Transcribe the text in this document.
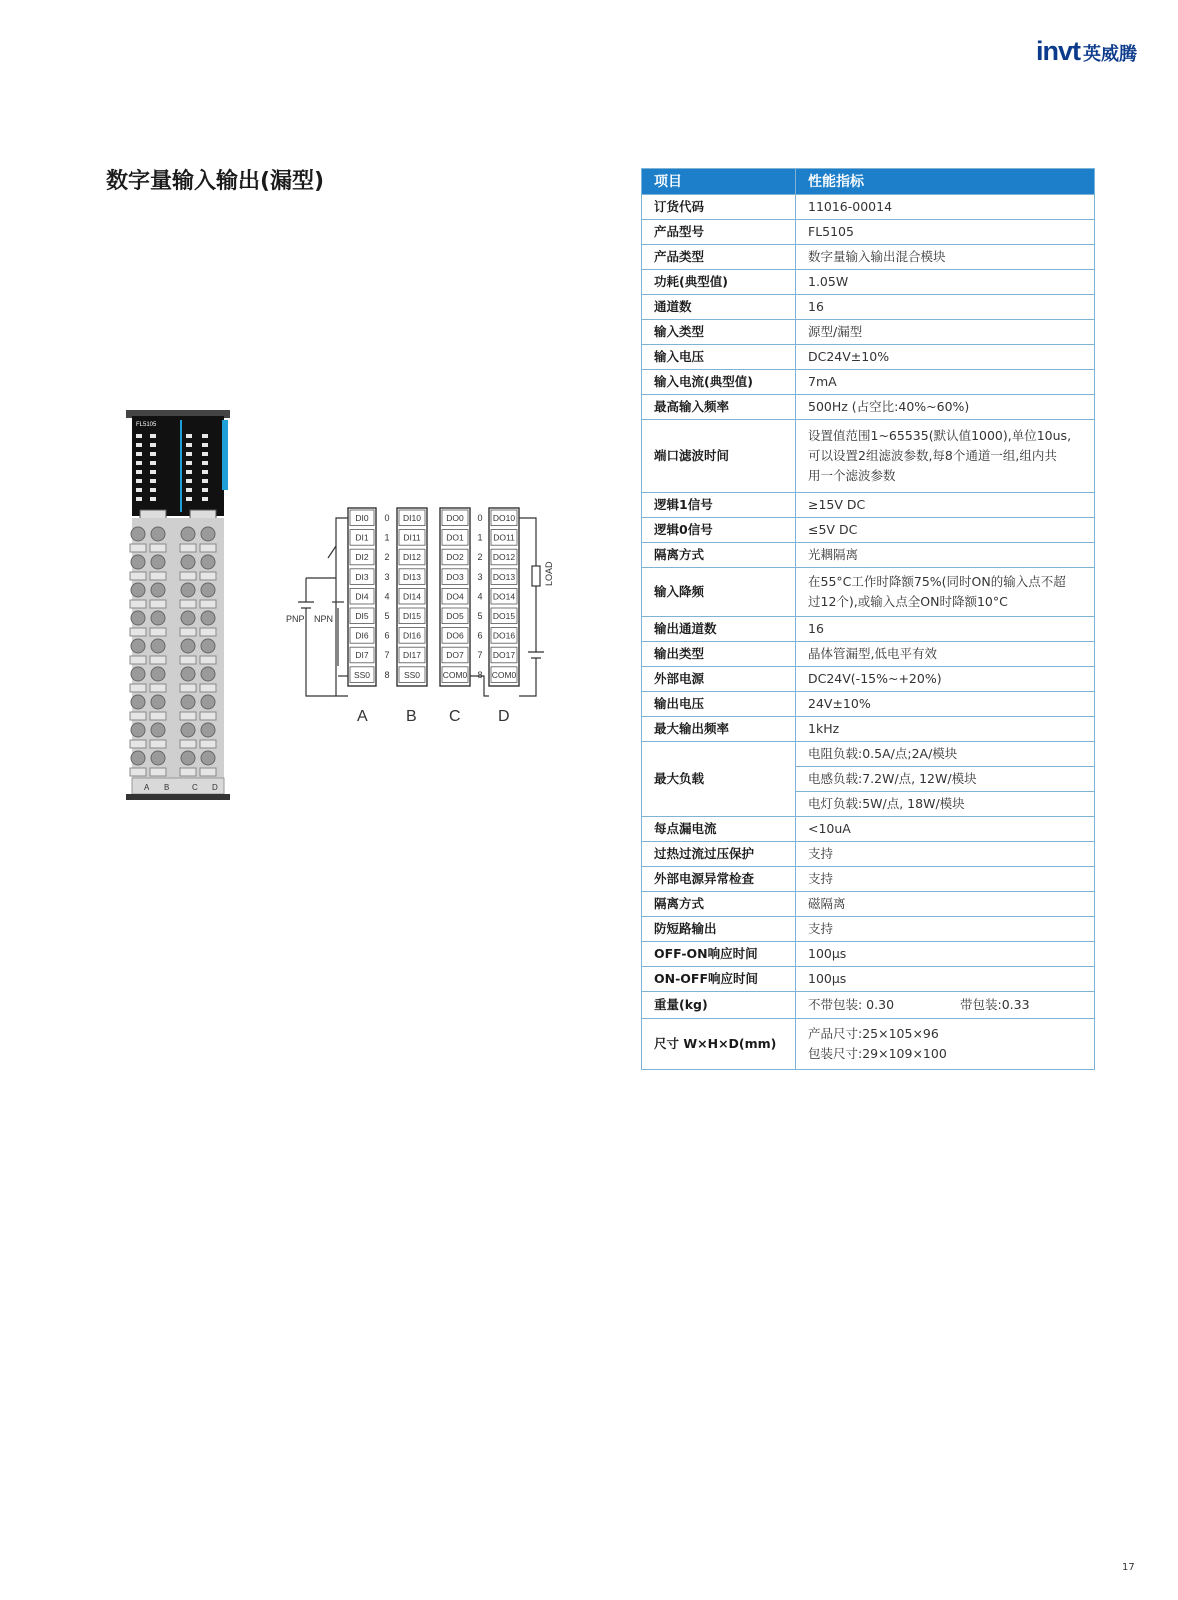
invt 英威腾
数字量输入输出(漏型)
FL5105
A B	C D
DI0
DI1
DI2
DI3
DI4
DI5
DI6
DI7
SS0
DI10
DI11
DI12
DI13
DI14
DI15
DI16
DI17
SS0
DO0
DO1
DO2
DO3
DO4
DO5
DO6
DO7
COM0
DO10
DO11
DO12
DO13
DO14
DO15
DO16
DO17
COM0
0
1
2
3
4
5
6
7
8
0
1
2
3
4
5
6
7
8
PNP NPN
LOAD
A B C D
项目	性能指标
订货代码	11016-00014

产品型号	FL5105

产品类型	数字量输入输出混合模块

功耗(典型值)	1.05W

通道数	16

输入类型	源型/漏型

输入电压	DC24V±10%

输入电流(典型值)	7mA

最高输入频率	500Hz (占空比:40%~60%)

端口滤波时间	设置值范围1~65535(默认值1000),单位10us,
可以设置2组滤波参数,每8个通道一组,组内共
用一个滤波参数

逻辑1信号	≥15V DC

逻辑0信号	≤5V DC

隔离方式	光耦隔离

输入降频	在55°C工作时降额75%(同时ON的输入点不超
过12个),或输入点全ON时降额10°C

输出通道数	16

输出类型	晶体管漏型,低电平有效

外部电源	DC24V(-15%~+20%)

输出电压	24V±10%

最大输出频率	1kHz

最大负载	电阻负载:0.5A/点;2A/模块
	电感负载:7.2W/点, 12W/模块
	电灯负载:5W/点, 18W/模块
每点漏电流	<10uA

过热过流过压保护	支持

外部电源异常检查	支持

隔离方式	磁隔离

防短路输出	支持

OFF-ON响应时间	100μs

ON-OFF响应时间	100μs

重量(kg)	不带包装: 0.30 带包装:0.33

尺寸 W×H×D(mm)	产品尺寸:25×105×96
包装尺寸:29×109×100
17
